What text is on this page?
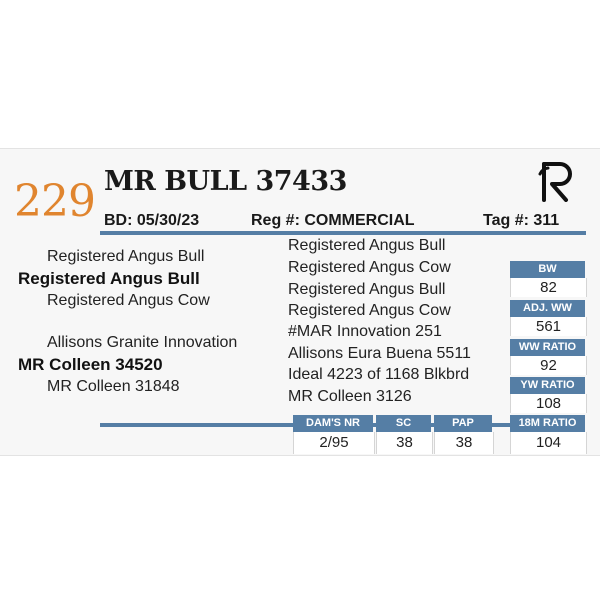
229 MR BULL 37433
BD: 05/30/23	Reg #: COMMERCIAL	Tag #: 311
Registered Angus Bull
Registered Angus Bull
Registered Angus Cow
Allisons Granite Innovation
MR Colleen 34520
MR Colleen 31848
Registered Angus Bull
Registered Angus Cow
Registered Angus Bull
Registered Angus Cow
#MAR Innovation 251
Allisons Eura Buena 5511
Ideal 4223 of 1168 Blkbrd
MR Colleen 3126
BW
82
ADJ. WW
561
WW RATIO
92
YW RATIO
108
18M RATIO
104
DAM'S NR
2/95
SC
38
PAP
38
